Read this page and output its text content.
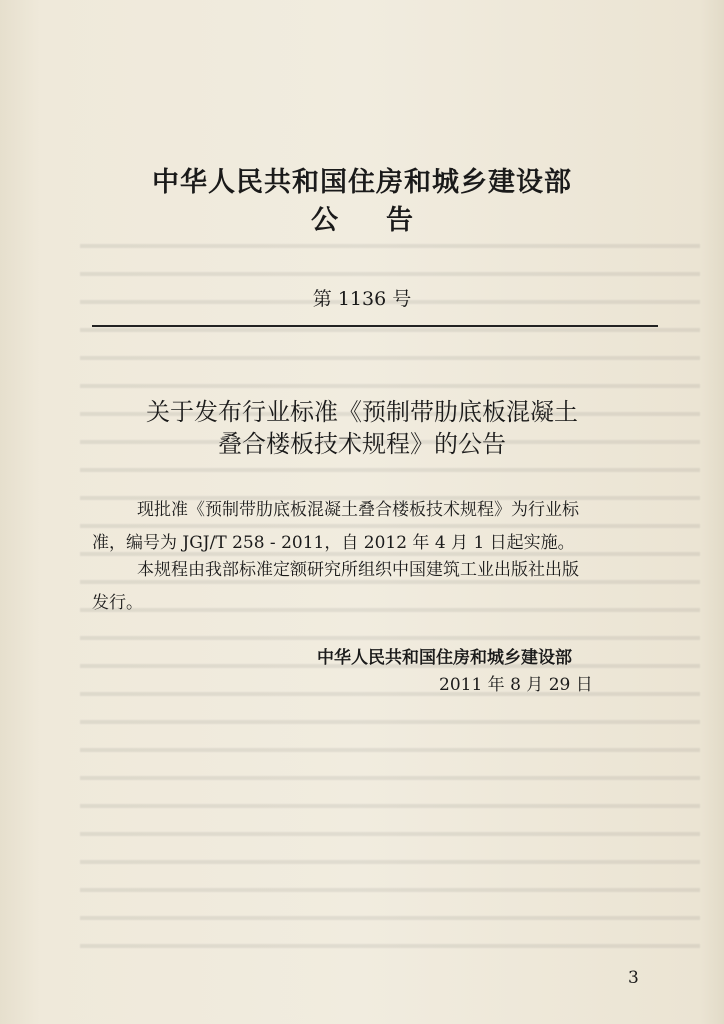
中华人民共和国住房和城乡建设部
公告
第 1136 号
关于发布行业标准《预制带肋底板混凝土
叠合楼板技术规程》的公告
现批准《预制带肋底板混凝土叠合楼板技术规程》为行业标
准，编号为 JGJ/T 258 - 2011，自 2012 年 4 月 1 日起实施。
本规程由我部标准定额研究所组织中国建筑工业出版社出版
发行。
中华人民共和国住房和城乡建设部
2011 年 8 月 29 日
3
